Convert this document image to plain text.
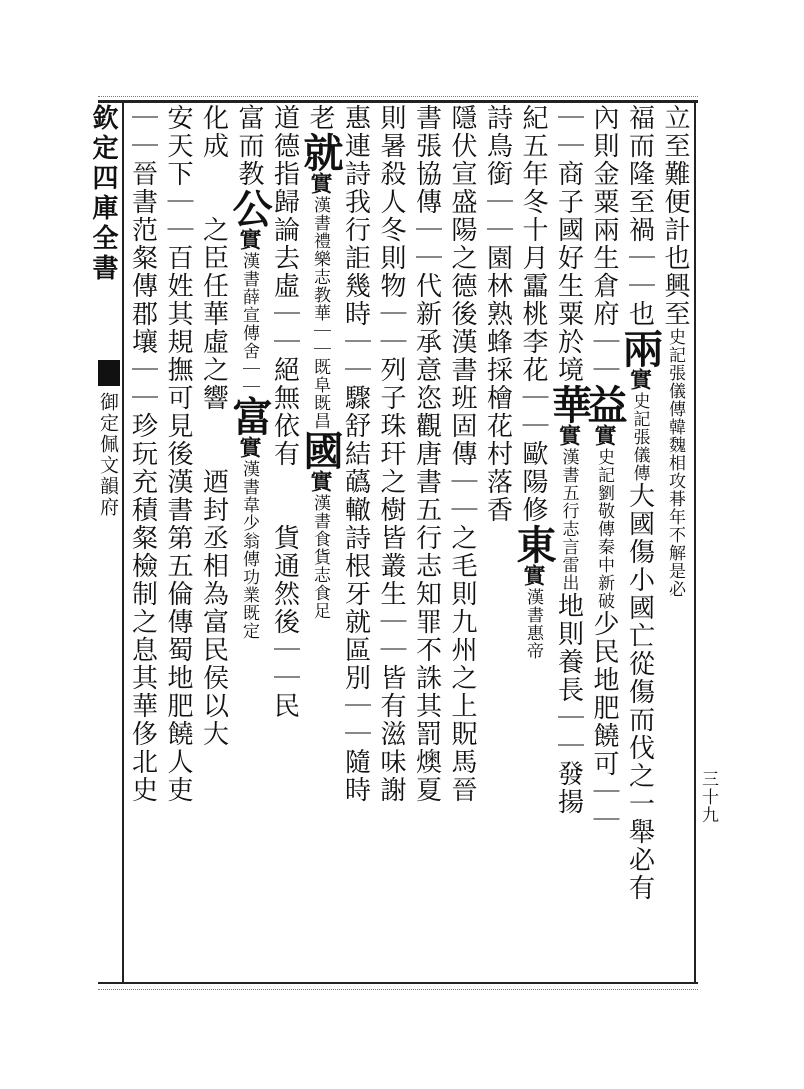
欽定四庫全書
御定佩文韻府
三十九
立至難便計也興至史記張儀傳韓魏相攻朞年不解是必
福而隆至禍｜｜也兩實史記張儀傳大國傷小國亡從傷而伐之一舉必有
內則金粟兩生倉府｜｜益實史記劉敬傳秦中新破少民地肥饒可｜｜
｜｜商子國好生粟於境華實漢書五行志言雷出地則養長｜｜發揚
紀五年冬十月靁桃李花｜｜歐陽修東實漢書惠帝
詩鳥銜｜｜園林熟蜂採檜花村落香
隱伏宣盛陽之德後漢書班固傳｜｜之毛則九州之上貺馬晉
書張協傳｜｜代新承意恣觀唐書五行志知罪不誅其罰燠夏
則暑殺人冬則物｜｜列子珠玕之樹皆叢生｜｜皆有滋味謝
惠連詩我行詎幾時｜｜驟舒結蘤轍詩根牙就區別｜｜隨時
老就實漢書禮樂志教華｜｜既阜既昌國實漢書食貨志食足
道德指歸論去虛｜｜絕無依有　　貨通然後｜｜民
富而教公實漢書薛宣傳舍｜｜富實漢書韋少翁傳功業既定
化成　　之臣任華虛之響　　迺封丞相為富民侯以大
安天下｜｜百姓其規撫可見後漢書第五倫傳蜀地肥饒人吏
｜｜晉書范粲傳郡壤｜｜珍玩充積粲檢制之息其華侈北史
